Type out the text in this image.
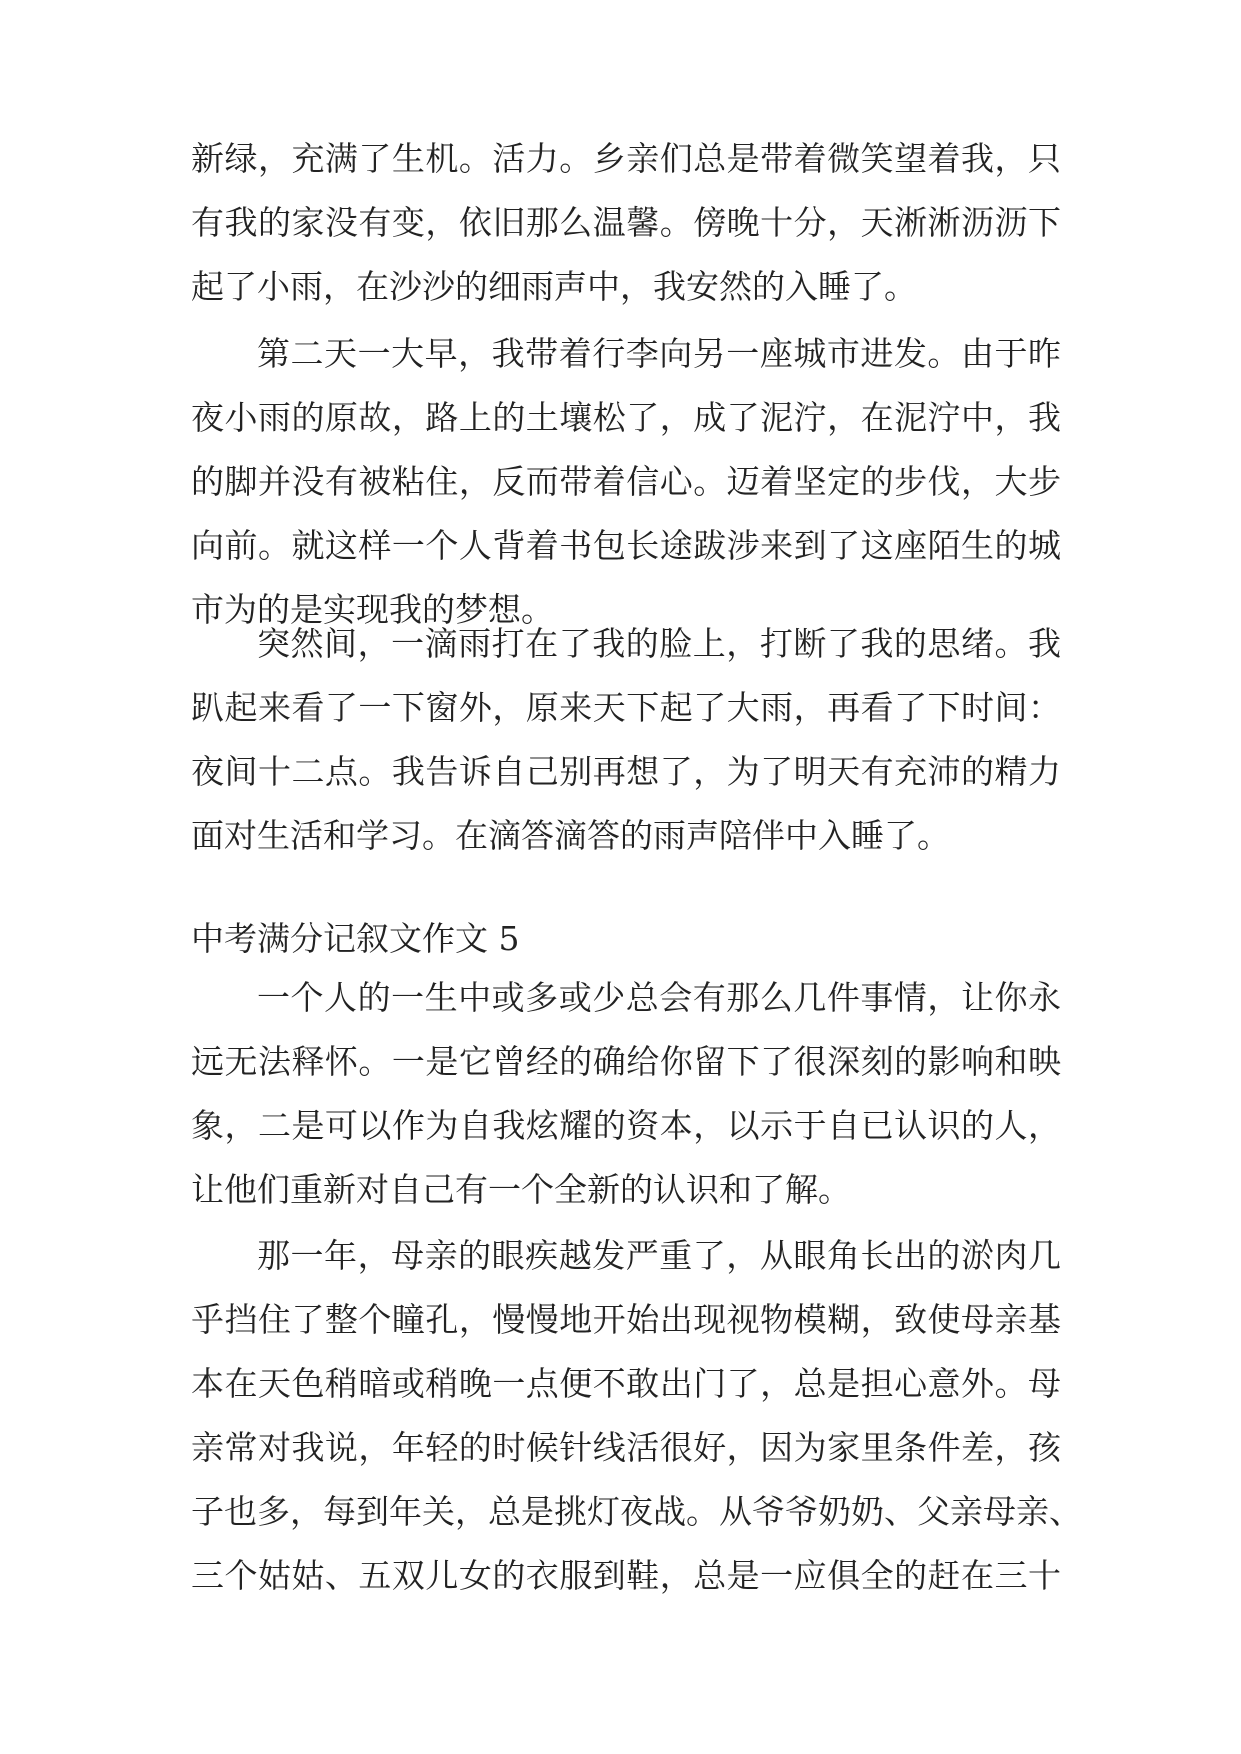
新绿，充满了生机。活力。乡亲们总是带着微笑望着我，只
有我的家没有变，依旧那么温馨。傍晚十分，天淅淅沥沥下
起了小雨，在沙沙的细雨声中，我安然的入睡了。
第二天一大早，我带着行李向另一座城市进发。由于昨
夜小雨的原故，路上的土壤松了，成了泥泞，在泥泞中，我
的脚并没有被粘住，反而带着信心。迈着坚定的步伐，大步
向前。就这样一个人背着书包长途跋涉来到了这座陌生的城
市为的是实现我的梦想。
突然间，一滴雨打在了我的脸上，打断了我的思绪。我
趴起来看了一下窗外，原来天下起了大雨，再看了下时间：
夜间十二点。我告诉自己别再想了，为了明天有充沛的精力
面对生活和学习。在滴答滴答的雨声陪伴中入睡了。
中考满分记叙文作文 5
一个人的一生中或多或少总会有那么几件事情，让你永
远无法释怀。一是它曾经的确给你留下了很深刻的影响和映
象，二是可以作为自我炫耀的资本，以示于自已认识的人，
让他们重新对自己有一个全新的认识和了解。
那一年，母亲的眼疾越发严重了，从眼角长出的淤肉几
乎挡住了整个瞳孔，慢慢地开始出现视物模糊，致使母亲基
本在天色稍暗或稍晚一点便不敢出门了，总是担心意外。母
亲常对我说，年轻的时候针线活很好，因为家里条件差，孩
子也多，每到年关，总是挑灯夜战。从爷爷奶奶、父亲母亲、
三个姑姑、五双儿女的衣服到鞋，总是一应俱全的赶在三十
